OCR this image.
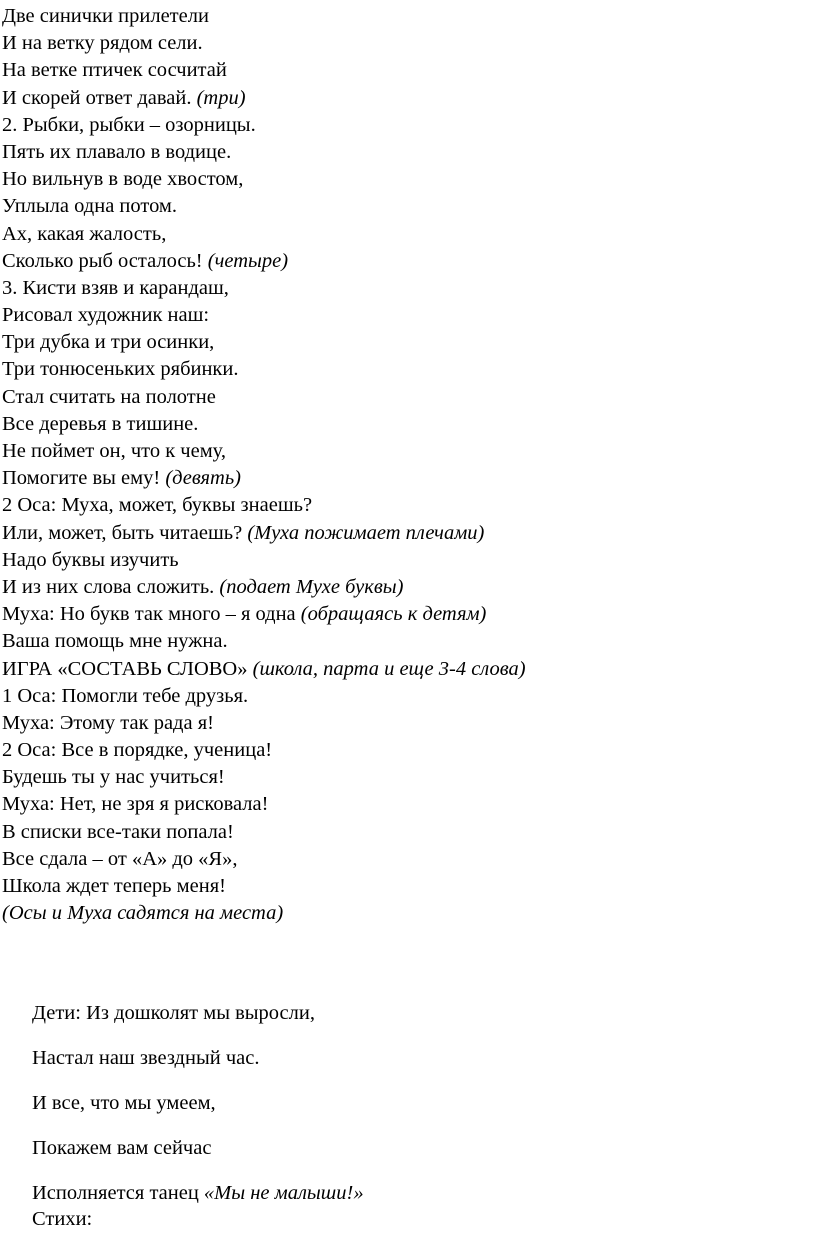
Две синички прилетели
И на ветку рядом сели.
На ветке птичек сосчитай
И скорей ответ давай. (три)
2. Рыбки, рыбки – озорницы.
Пять их плавало в водице.
Но вильнув в воде хвостом,
Уплыла одна потом.
Ах, какая жалость,
Сколько рыб осталось! (четыре)
3. Кисти взяв и карандаш,
Рисовал художник наш:
Три дубка и три осинки,
Три тонюсеньких рябинки.
Стал считать на полотне
Все деревья в тишине.
Не поймет он, что к чему,
Помогите вы ему! (девять)
2 Оса: Муха, может, буквы знаешь?
Или, может, быть читаешь? (Муха пожимает плечами)
Надо буквы изучить
И из них слова сложить. (подает Мухе буквы)
Муха: Но букв так много – я одна (обращаясь к детям)
Ваша помощь мне нужна.
ИГРА «СОСТАВЬ СЛОВО» (школа, парта и еще 3-4 слова)
1 Оса: Помогли тебе друзья.
Муха: Этому так рада я!
2 Оса: Все в порядке, ученица!
Будешь ты у нас учиться!
Муха: Нет, не зря я рисковала!
В списки все-таки попала!
Все сдала – от «А» до «Я»,
Школа ждет теперь меня!
(Осы и Муха садятся на места)
Дети: Из дошколят мы выросли,
Настал наш звездный час.
И все, что мы умеем,
Покажем вам сейчас
Исполняется танец «Мы не малыши!»
Стихи:
